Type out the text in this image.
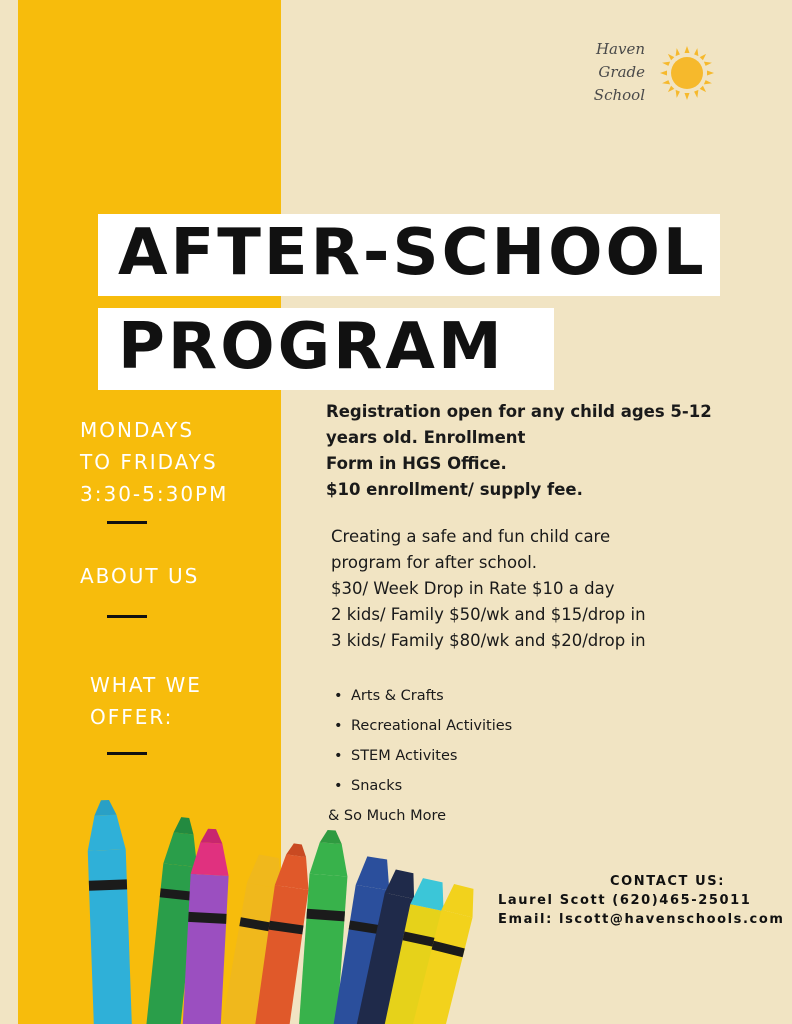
Haven
Grade
School
AFTER-SCHOOL
PROGRAM
MONDAYS
TO FRIDAYS
3:30-5:30PM
ABOUT US
WHAT WE
OFFER:
Registration open for any child ages 5-12
years old. Enrollment
Form in HGS Office.
$10 enrollment/ supply fee.
Creating a safe and fun child care
program for after school.
$30/ Week Drop in Rate $10 a day
2 kids/ Family $50/wk and $15/drop in
3 kids/ Family $80/wk and $20/drop in
• Arts & Crafts
• Recreational Activities
• STEM Activites
• Snacks
& So Much More
CONTACT US:
Laurel Scott (620)465-25011
Email: lscott@havenschools.com
